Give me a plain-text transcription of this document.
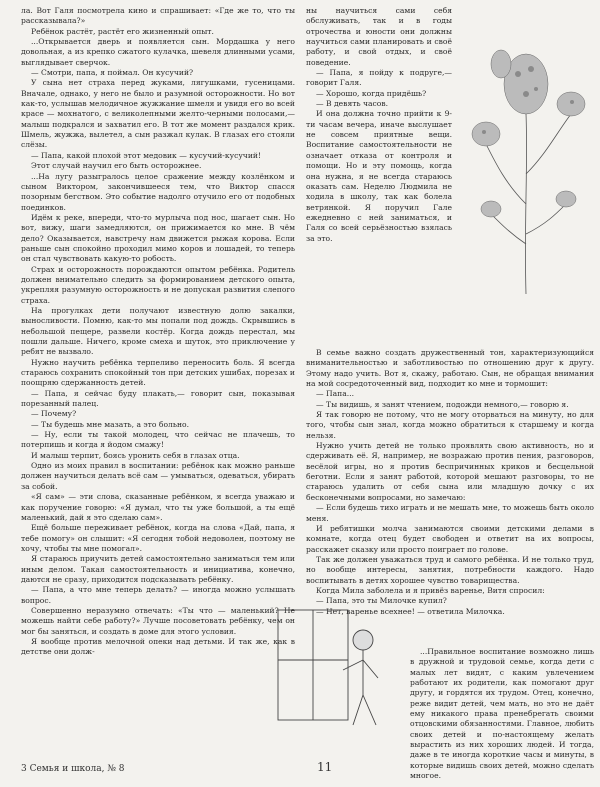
ла. Вот Галя посмотрела кино и спрашивает: «Где же то, что ты рассказывала?»

Ребёнок растёт, растёт его жизненный опыт.

...Открывается дверь и появляется сын. Мордашка у него довольная, а из крепко сжатого кулачка, шевеля длинными усами, выглядывает сверчок.

— Смотри, папа, я поймал. Он кусучий?

У сына нет страха перед жуками, лягушками, гусеницами. Вначале, однако, у него не было и разумной осторожности. Но вот как-то, услышав мелодичное жужжание шмеля и увидя его во всей красе — мохнатого, с великолепными желто-черными полосами,— малыш подкрался и захватил его. В тот же момент раздался крик. Шмель, жужжа, вылетел, а сын разжал кулак. В глазах его стояли слёзы.

— Папа, какой плохой этот медовик — кусучий-кусучий!

Этот случай научил его быть осторожнее.

...На лугу разыгралось целое сражение между козлёнком и сыном Виктором, закончившееся тем, что Виктор спасся позорным бегством. Это событие надолго отучило его от подобных поединков.

Идём к реке, впереди, что-то мурлыча под нос, шагает сын. Но вот, вижу, шаги замедляются, он прижимается ко мне. В чём дело? Оказывается, навстречу нам движется рыжая корова. Если раньше сын спокойно проходил мимо коров и лошадей, то теперь он стал чувствовать какую-то робость.

Страх и осторожность порождаются опытом ребёнка. Родитель должен внимательно следить за формированием детского опыта, укрепляя разумную осторожность и не допуская развития слепого страха.

На прогулках дети получают известную долю закалки, выносливости. Помню, как-то мы попали под дождь. Скрывшись в небольшой пещере, развели костёр. Когда дождь перестал, мы пошли дальше. Ничего, кроме смеха и шуток, это приключение у ребят не вызвало.

Нужно научить ребёнка терпеливо переносить боль. Я всегда стараюсь сохранить спокойный тон при детских ушибах, порезах и поощряю сдержанность детей.

— Папа, я сейчас буду плакать,— говорит сын, показывая порезанный палец.

— Почему?

— Ты будешь мне мазать, а это больно.

— Ну, если ты такой молодец, что сейчас не плачешь, то потерпишь и когда я йодом смажу!

И малыш терпит, боясь уронить себя в глазах отца.

Одно из моих правил в воспитании: ребёнок как можно раньше должен научиться делать всё сам — умываться, одеваться, убирать за собой.

«Я сам» — эти слова, сказанные ребёнком, я всегда уважаю и как поручение говорю: «Я думал, что ты уже большой, а ты ещё маленький, дай я это сделаю сам».

Ещё больше переживает ребёнок, когда на слова «Дай, папа, я тебе помогу» он слышит: «Я сегодня тобой недоволен, поэтому не хочу, чтобы ты мне помогал».

Я стараюсь приучить детей самостоятельно заниматься тем или иным делом. Такая самостоятельность и инициатива, конечно, даются не сразу, приходится подсказывать ребёнку.

— Папа, а что мне теперь делать? — иногда можно услышать вопрос.

Совершенно неразумно отвечать: «Ты что — маленький? Не можешь найти себе работу?» Лучше посоветовать ребёнку, чем он мог бы заняться, и создать в доме для этого условия.

Я вообще против мелочной опеки над детьми. И так же, как в детстве они долж-

ны научиться сами себя обслуживать, так и в годы отрочества и юности они должны научиться сами планировать и своё работу, и свой отдых, и своё поведение.

— Папа, я пойду к подруге,— говорит Галя.

— Хорошо, когда придёшь?

— В девять часов.

И она должна точно прийти к 9-ти часам вечера, иначе выслушает не совсем приятные вещи. Воспитание самостоятельности не означает отказа от контроля и помощи. Но и эту помощь, когда она нужна, я не всегда стараюсь оказать сам. Неделю Людмила не ходила в школу, так как болела ветрянкой. Я поручил Гале ежедневно с ней заниматься, и Галя со всей серьёзностью взялась за это.

В семье важно создать дружественный тон, характеризующийся вниманительностью и заботливостью по отношению друг к другу. Этому надо учить. Вот я, скажу, работаю. Сын, не обращая внимания на мой сосредоточенный вид, подходит ко мне и тормошит:

— Папа...

— Ты видишь, я занят чтением, подожди немного,— говорю я.

Я так говорю не потому, что не могу оторваться на минуту, но для того, чтобы сын знал, когда можно обратиться к старшему и когда нельзя.

Нужно учить детей не только проявлять свою активность, но и сдерживать её. Я, например, не возражаю против пения, разговоров, весёлой игры, но я против беспричинных криков и бесцельной беготни. Если я занят работой, которой мешают разговоры, то не стараюсь удалить от себя сына или младшую дочку с их бесконечными вопросами, но замечаю:

— Если будешь тихо играть и не мешать мне, то можешь быть около меня.

И ребятишки молча занимаются своими детскими делами в комнате, когда отец будет свободен и ответит на их вопросы, расскажет сказку или просто поиграет по голове.

Так же должен уважаться труд и самого ребёнка. И не только труд, но вообще интересы, занятия, потребности каждого. Надо воспитывать в детях хорошее чувство товарищества.

Когда Мила заболела и я привёз варенье, Витя спросил:

— Папа, это ты Милочке купил?

— Нет, варенье всехнее! — ответила Милочка.

...Правильное воспитание возможно лишь в дружной и трудовой семье, когда дети с малых лет видят, с каким увлечением работают их родители, как помогают друг другу, и гордятся их трудом. Отец, конечно, реже видит детей, чем мать, но это не даёт ему никакого права пренебрегать своими отцовскими обязанностями. Главное, любить своих детей и по-настоящему желать вырастить из них хороших людей. И тогда, даже в те иногда короткие часы и минуты, в которые видишь своих детей, можно сделать многое.

3 Семья и школа, № 8	11
